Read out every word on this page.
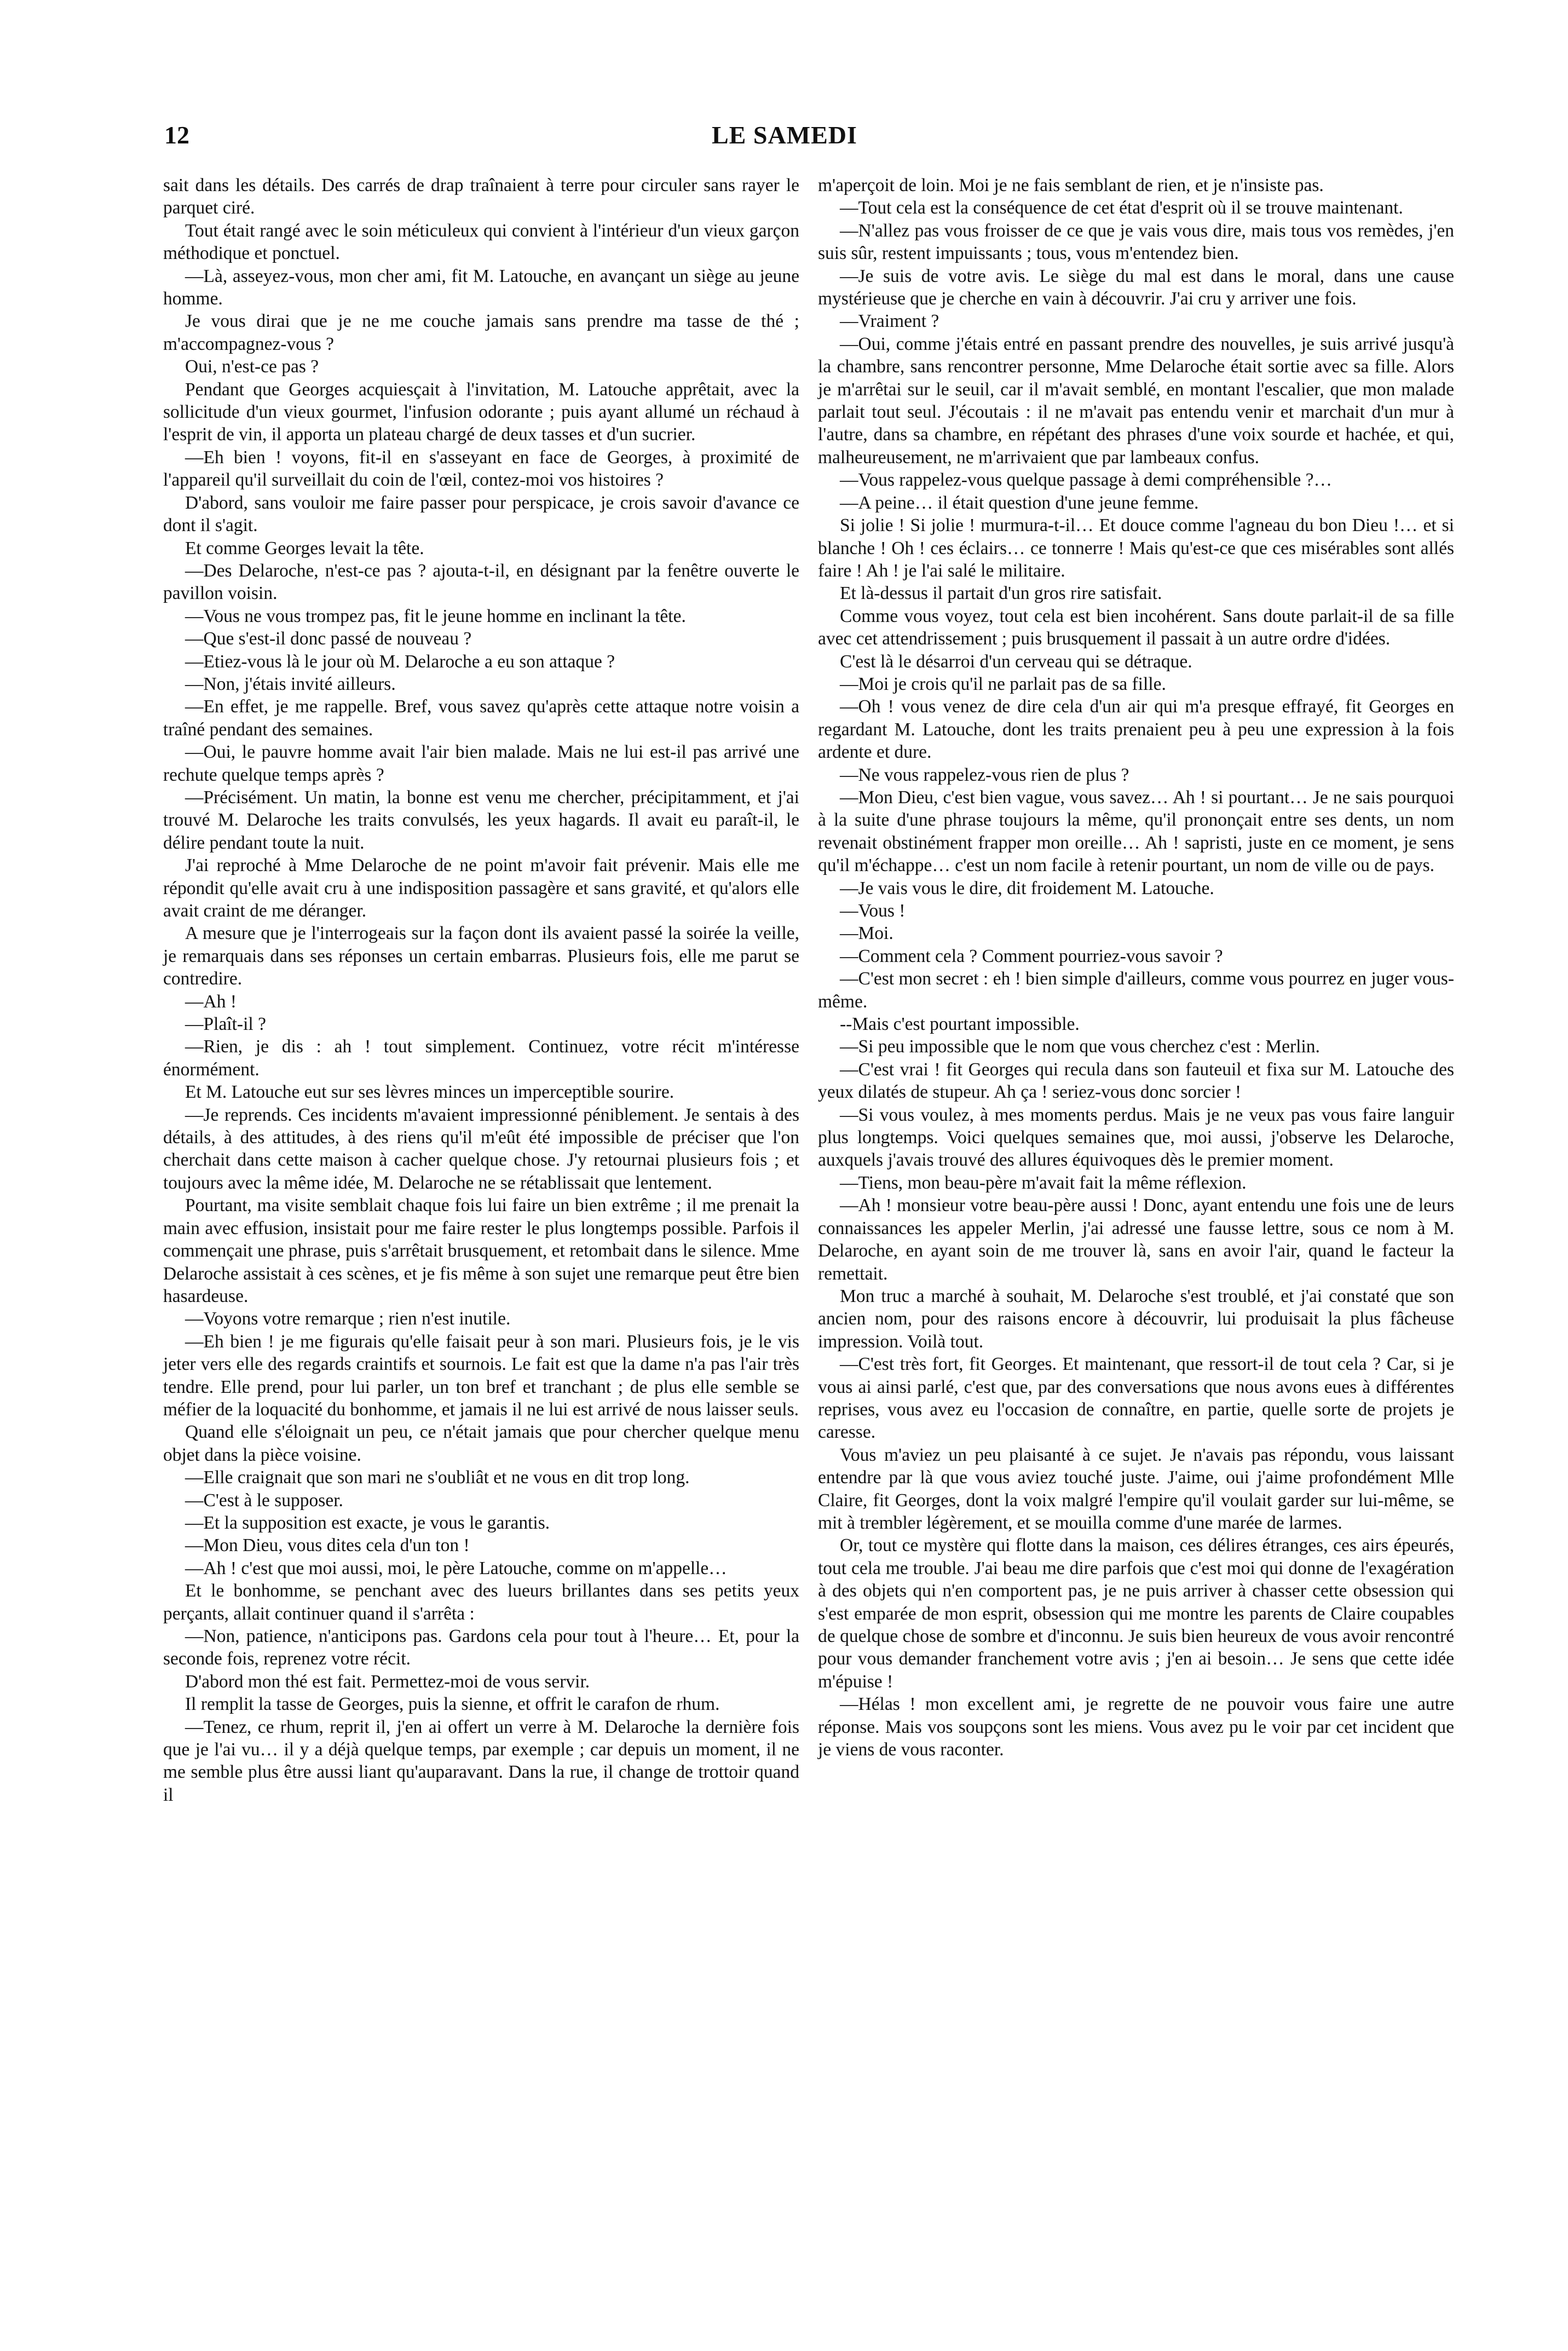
12	LE SAMEDI

sait dans les détails. Des carrés de drap traînaient à terre pour circuler sans rayer le parquet ciré.

Tout était rangé avec le soin méticuleux qui convient à l'intérieur d'un vieux garçon méthodique et ponctuel.

—Là, asseyez-vous, mon cher ami, fit M. Latouche, en avançant un siège au jeune homme.

Je vous dirai que je ne me couche jamais sans prendre ma tasse de thé ; m'accompagnez-vous ?

Oui, n'est-ce pas ?

Pendant que Georges acquiesçait à l'invitation, M. Latouche apprêtait, avec la sollicitude d'un vieux gourmet, l'infusion odorante ; puis ayant allumé un réchaud à l'esprit de vin, il apporta un plateau chargé de deux tasses et d'un sucrier.

—Eh bien ! voyons, fit-il en s'asseyant en face de Georges, à proximité de l'appareil qu'il surveillait du coin de l'œil, contez-moi vos histoires ?

D'abord, sans vouloir me faire passer pour perspicace, je crois savoir d'avance ce dont il s'agit.

Et comme Georges levait la tête.

—Des Delaroche, n'est-ce pas ? ajouta-t-il, en désignant par la fenêtre ouverte le pavillon voisin.

—Vous ne vous trompez pas, fit le jeune homme en inclinant la tête.

—Que s'est-il donc passé de nouveau ?

—Etiez-vous là le jour où M. Delaroche a eu son attaque ?

—Non, j'étais invité ailleurs.

—En effet, je me rappelle. Bref, vous savez qu'après cette attaque notre voisin a traîné pendant des semaines.

—Oui, le pauvre homme avait l'air bien malade. Mais ne lui est-il pas arrivé une rechute quelque temps après ?

—Précisément. Un matin, la bonne est venu me chercher, précipitamment, et j'ai trouvé M. Delaroche les traits convulsés, les yeux hagards. Il avait eu paraît-il, le délire pendant toute la nuit.

J'ai reproché à Mme Delaroche de ne point m'avoir fait prévenir. Mais elle me répondit qu'elle avait cru à une indisposition passagère et sans gravité, et qu'alors elle avait craint de me déranger.

A mesure que je l'interrogeais sur la façon dont ils avaient passé la soirée la veille, je remarquais dans ses réponses un certain embarras. Plusieurs fois, elle me parut se contredire.

—Ah !

—Plaît-il ?

—Rien, je dis : ah ! tout simplement. Continuez, votre récit m'intéresse énormément.

Et M. Latouche eut sur ses lèvres minces un imperceptible sourire.

—Je reprends. Ces incidents m'avaient impressionné péniblement. Je sentais à des détails, à des attitudes, à des riens qu'il m'eût été impossible de préciser que l'on cherchait dans cette maison à cacher quelque chose. J'y retournai plusieurs fois ; et toujours avec la même idée, M. Delaroche ne se rétablissait que lentement.

Pourtant, ma visite semblait chaque fois lui faire un bien extrême ; il me prenait la main avec effusion, insistait pour me faire rester le plus longtemps possible. Parfois il commençait une phrase, puis s'arrêtait brusquement, et retombait dans le silence. Mme Delaroche assistait à ces scènes, et je fis même à son sujet une remarque peut être bien hasardeuse.

—Voyons votre remarque ; rien n'est inutile.

—Eh bien ! je me figurais qu'elle faisait peur à son mari. Plusieurs fois, je le vis jeter vers elle des regards craintifs et sournois. Le fait est que la dame n'a pas l'air très tendre. Elle prend, pour lui parler, un ton bref et tranchant ; de plus elle semble se méfier de la loquacité du bonhomme, et jamais il ne lui est arrivé de nous laisser seuls.

Quand elle s'éloignait un peu, ce n'était jamais que pour chercher quelque menu objet dans la pièce voisine.

—Elle craignait que son mari ne s'oubliât et ne vous en dit trop long.

—C'est à le supposer.

—Et la supposition est exacte, je vous le garantis.

—Mon Dieu, vous dites cela d'un ton !

—Ah ! c'est que moi aussi, moi, le père Latouche, comme on m'appelle…

Et le bonhomme, se penchant avec des lueurs brillantes dans ses petits yeux perçants, allait continuer quand il s'arrêta :

—Non, patience, n'anticipons pas. Gardons cela pour tout à l'heure… Et, pour la seconde fois, reprenez votre récit.

D'abord mon thé est fait. Permettez-moi de vous servir.

Il remplit la tasse de Georges, puis la sienne, et offrit le carafon de rhum.

—Tenez, ce rhum, reprit il, j'en ai offert un verre à M. Delaroche la dernière fois que je l'ai vu… il y a déjà quelque temps, par exemple ; car depuis un moment, il ne me semble plus être aussi liant qu'auparavant. Dans la rue, il change de trottoir quand il

m'aperçoit de loin. Moi je ne fais semblant de rien, et je n'insiste pas.

—Tout cela est la conséquence de cet état d'esprit où il se trouve maintenant.

—N'allez pas vous froisser de ce que je vais vous dire, mais tous vos remèdes, j'en suis sûr, restent impuissants ; tous, vous m'entendez bien.

—Je suis de votre avis. Le siège du mal est dans le moral, dans une cause mystérieuse que je cherche en vain à découvrir. J'ai cru y arriver une fois.

—Vraiment ?

—Oui, comme j'étais entré en passant prendre des nouvelles, je suis arrivé jusqu'à la chambre, sans rencontrer personne, Mme Delaroche était sortie avec sa fille. Alors je m'arrêtai sur le seuil, car il m'avait semblé, en montant l'escalier, que mon malade parlait tout seul. J'écoutais : il ne m'avait pas entendu venir et marchait d'un mur à l'autre, dans sa chambre, en répétant des phrases d'une voix sourde et hachée, et qui, malheureusement, ne m'arrivaient que par lambeaux confus.

—Vous rappelez-vous quelque passage à demi compréhensible ?…

—A peine… il était question d'une jeune femme.

Si jolie ! Si jolie ! murmura-t-il… Et douce comme l'agneau du bon Dieu !… et si blanche ! Oh ! ces éclairs… ce tonnerre ! Mais qu'est-ce que ces misérables sont allés faire ! Ah ! je l'ai salé le militaire.

Et là-dessus il partait d'un gros rire satisfait.

Comme vous voyez, tout cela est bien incohérent. Sans doute parlait-il de sa fille avec cet attendrissement ; puis brusquement il passait à un autre ordre d'idées.

C'est là le désarroi d'un cerveau qui se détraque.

—Moi je crois qu'il ne parlait pas de sa fille.

—Oh ! vous venez de dire cela d'un air qui m'a presque effrayé, fit Georges en regardant M. Latouche, dont les traits prenaient peu à peu une expression à la fois ardente et dure.

—Ne vous rappelez-vous rien de plus ?

—Mon Dieu, c'est bien vague, vous savez… Ah ! si pourtant… Je ne sais pourquoi à la suite d'une phrase toujours la même, qu'il prononçait entre ses dents, un nom revenait obstinément frapper mon oreille… Ah ! sapristi, juste en ce moment, je sens qu'il m'échappe… c'est un nom facile à retenir pourtant, un nom de ville ou de pays.

—Je vais vous le dire, dit froidement M. Latouche.

—Vous !

—Moi.

—Comment cela ? Comment pourriez-vous savoir ?

—C'est mon secret : eh ! bien simple d'ailleurs, comme vous pourrez en juger vous-même.

--Mais c'est pourtant impossible.

—Si peu impossible que le nom que vous cherchez c'est : Merlin.

—C'est vrai ! fit Georges qui recula dans son fauteuil et fixa sur M. Latouche des yeux dilatés de stupeur. Ah ça ! seriez-vous donc sorcier !

—Si vous voulez, à mes moments perdus. Mais je ne veux pas vous faire languir plus longtemps. Voici quelques semaines que, moi aussi, j'observe les Delaroche, auxquels j'avais trouvé des allures équivoques dès le premier moment.

—Tiens, mon beau-père m'avait fait la même réflexion.

—Ah ! monsieur votre beau-père aussi ! Donc, ayant entendu une fois une de leurs connaissances les appeler Merlin, j'ai adressé une fausse lettre, sous ce nom à M. Delaroche, en ayant soin de me trouver là, sans en avoir l'air, quand le facteur la remettait.

Mon truc a marché à souhait, M. Delaroche s'est troublé, et j'ai constaté que son ancien nom, pour des raisons encore à découvrir, lui produisait la plus fâcheuse impression. Voilà tout.

—C'est très fort, fit Georges. Et maintenant, que ressort-il de tout cela ? Car, si je vous ai ainsi parlé, c'est que, par des conversations que nous avons eues à différentes reprises, vous avez eu l'occasion de connaître, en partie, quelle sorte de projets je caresse.

Vous m'aviez un peu plaisanté à ce sujet. Je n'avais pas répondu, vous laissant entendre par là que vous aviez touché juste. J'aime, oui j'aime profondément Mlle Claire, fit Georges, dont la voix malgré l'empire qu'il voulait garder sur lui-même, se mit à trembler légèrement, et se mouilla comme d'une marée de larmes.

Or, tout ce mystère qui flotte dans la maison, ces délires étranges, ces airs épeurés, tout cela me trouble. J'ai beau me dire parfois que c'est moi qui donne de l'exagération à des objets qui n'en comportent pas, je ne puis arriver à chasser cette obsession qui s'est emparée de mon esprit, obsession qui me montre les parents de Claire coupables de quelque chose de sombre et d'inconnu. Je suis bien heureux de vous avoir rencontré pour vous demander franchement votre avis ; j'en ai besoin… Je sens que cette idée m'épuise !

—Hélas ! mon excellent ami, je regrette de ne pouvoir vous faire une autre réponse. Mais vos soupçons sont les miens. Vous avez pu le voir par cet incident que je viens de vous raconter.
